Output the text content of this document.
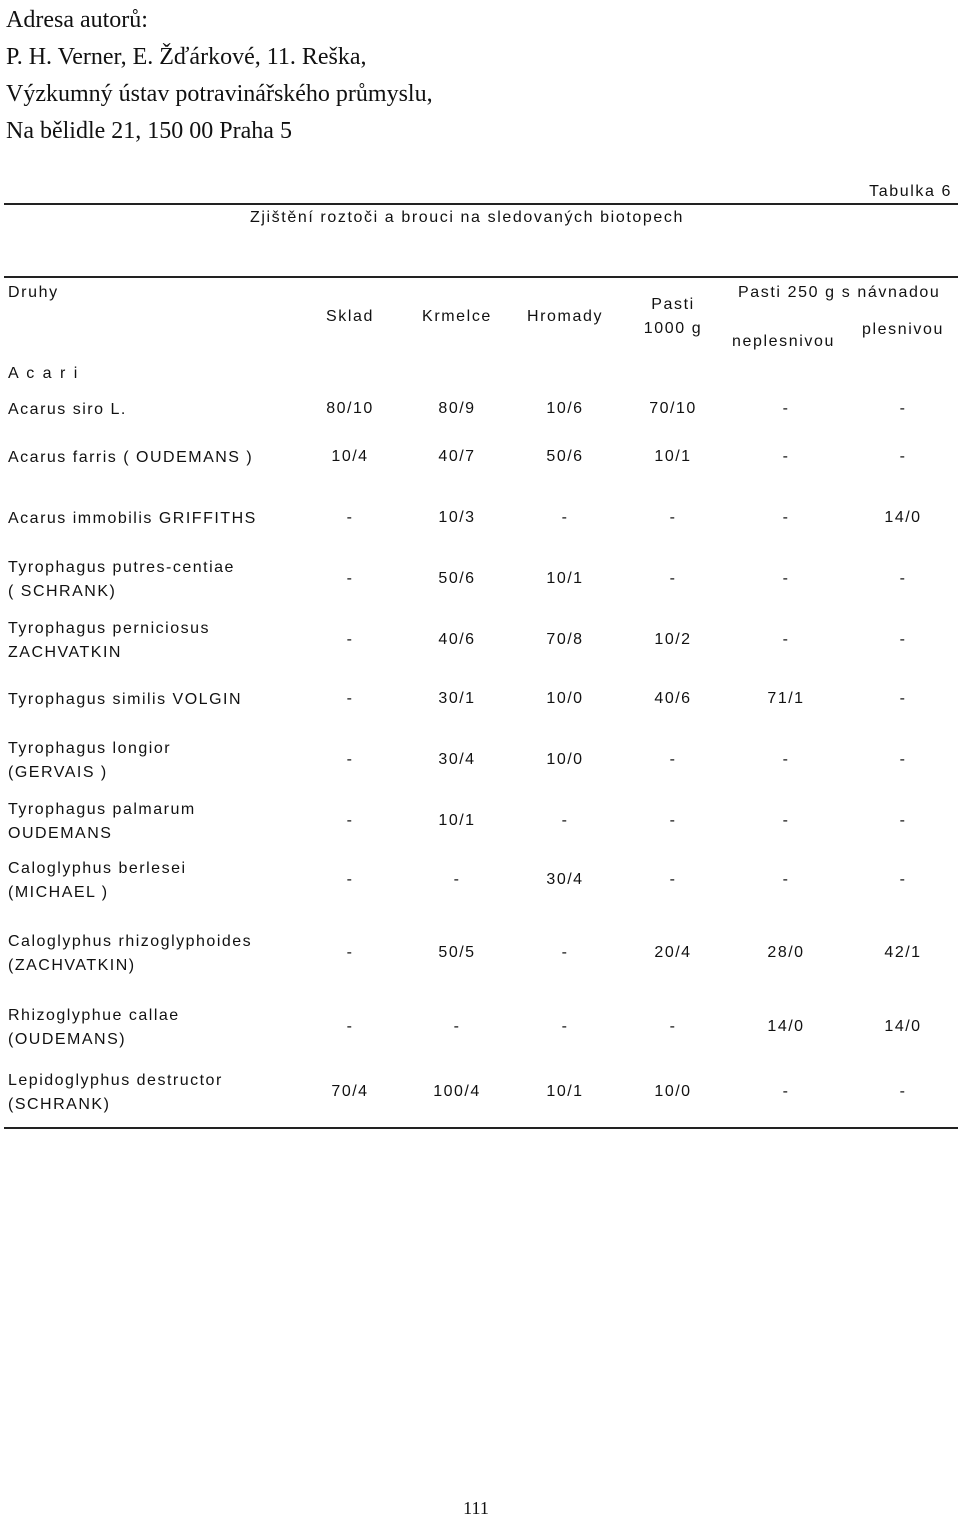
Adresa autorů:
P. H. Verner, E. Žďárkové, 11. Reška,
Výzkumný ústav potravinářského průmyslu,
Na bělidle 21, 150 00 Praha 5
Tabulka 6
Zjištění roztoči a brouci na sledovaných biotopech
Druhy
Sklad	Krmelce Hromady
Pasti
1000 g
Pasti 250 g s návnadou
neplesnivou
plesnivou
A c a r i
Acarus siro L.	80/10	80/9	10/6	70/10	-	-
Acarus farris ( OUDEMANS )	10/4	40/7	50/6	10/1	-	-
Acarus immobilis GRIFFITHS	-	10/3	-	-	-	14/0
Tyrophagus putres-centiae
( SCHRANK)
-	50/6	10/1	-	-	-
Tyrophagus perniciosus
ZACHVATKIN
-	40/6	70/8	10/2	-	-
Tyrophagus similis VOLGIN	-	30/1	10/0	40/6	71/1	-
Tyrophagus longior
(GERVAIS )
-	30/4	10/0	-	-	-
Tyrophagus palmarum
OUDEMANS
-	10/1	-	-	-	-
Caloglyphus berlesei
(MICHAEL )
-	-	30/4	-	-	-
Caloglyphus rhizoglyphoides
(ZACHVATKIN)
-	50/5	-	20/4	28/0	42/1
Rhizoglyphue callae
(OUDEMANS)
-	-	-	-	14/0	14/0
Lepidoglyphus destructor
(SCHRANK)
70/4	100/4	10/1	10/0	-	-
111
